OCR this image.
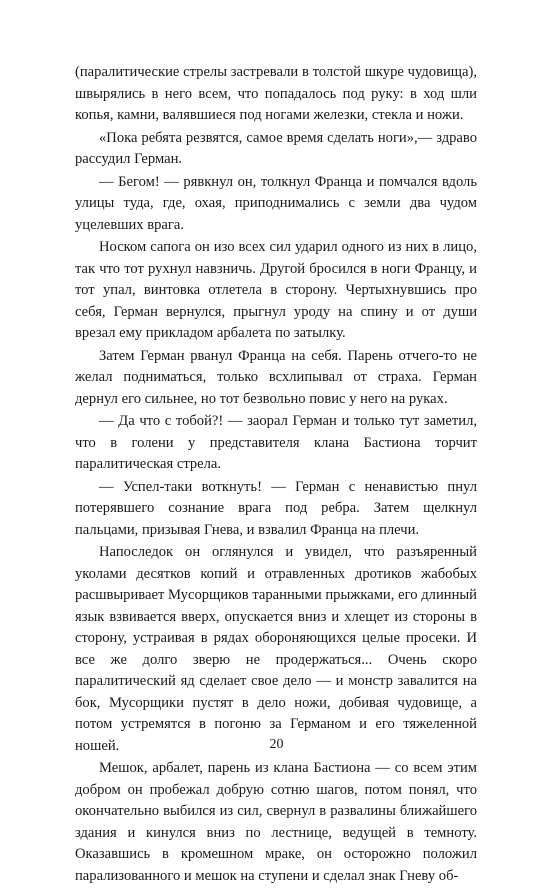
(паралитические стрелы застревали в толстой шкуре чудовища), швырялись в него всем, что попадалось под руку: в ход шли копья, камни, валявшиеся под ногами железки, стекла и ножи.

«Пока ребята резвятся, самое время сделать ноги»,— здраво рассудил Герман.

— Бегом! — рявкнул он, толкнул Франца и помчался вдоль улицы туда, где, охая, приподнимались с земли два чудом уцелевших врага.

Носком сапога он изо всех сил ударил одного из них в лицо, так что тот рухнул навзничь. Другой бросился в ноги Францу, и тот упал, винтовка отлетела в сторону. Чертыхнувшись про себя, Герман вернулся, прыгнул уроду на спину и от души врезал ему прикладом арбалета по затылку.

Затем Герман рванул Франца на себя. Парень отчего-то не желал подниматься, только всхлипывал от страха. Герман дернул его сильнее, но тот безвольно повис у него на руках.

— Да что с тобой?! — заорал Герман и только тут заметил, что в голени у представителя клана Бастиона торчит паралитическая стрела.

— Успел-таки воткнуть! — Герман с ненавистью пнул потерявшего сознание врага под ребра. Затем щелкнул пальцами, призывая Гнева, и взвалил Франца на плечи.

Напоследок он оглянулся и увидел, что разъяренный уколами десятков копий и отравленных дротиков жабобых расшвыривает Мусорщиков таранными прыжками, его длинный язык взвивается вверх, опускается вниз и хлещет из стороны в сторону, устраивая в рядах обороняющихся целые просеки. И все же долго зверю не продержаться... Очень скоро паралитический яд сделает свое дело — и монстр завалится на бок, Мусорщики пустят в дело ножи, добивая чудовище, а потом устремятся в погоню за Германом и его тяжеленной ношей.

Мешок, арбалет, парень из клана Бастиона — со всем этим добром он пробежал добрую сотню шагов, потом понял, что окончательно выбился из сил, свернул в развалины ближайшего здания и кинулся вниз по лестнице, ведущей в темноту. Оказавшись в кромешном мраке, он осторожно положил парализованного и мешок на ступени и сделал знак Гневу об-

20
